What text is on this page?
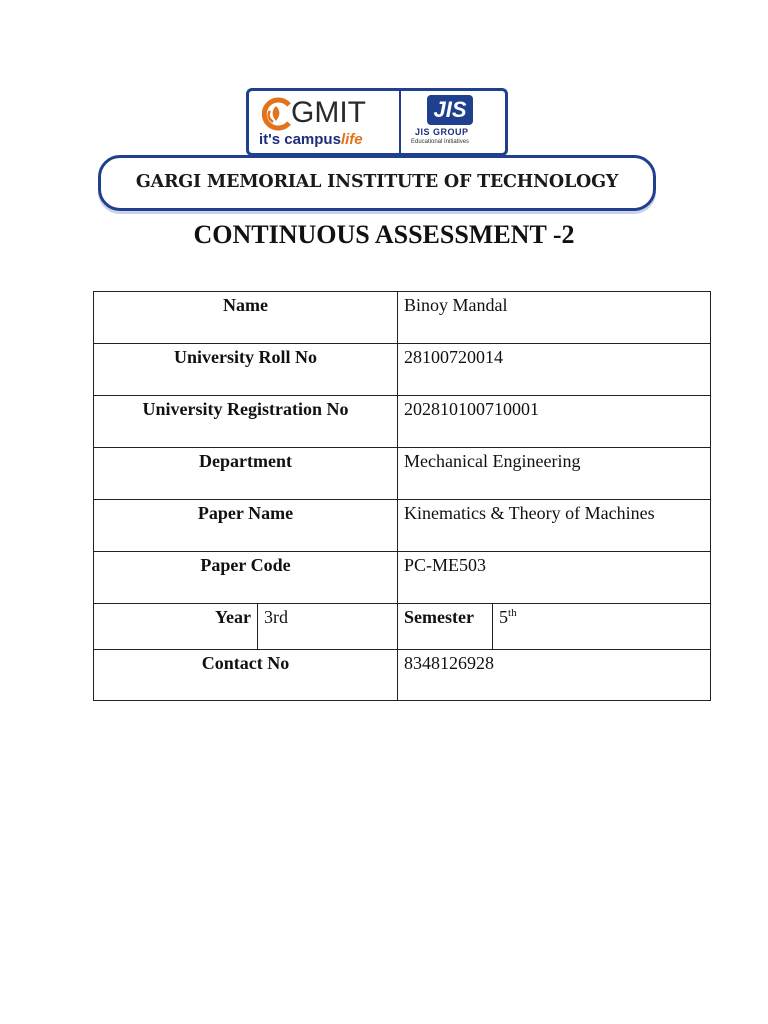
GMIT
it's campuslife
JIS
JIS GROUP
Educational Initiatives
GARGI MEMORIAL INSTITUTE OF TECHNOLOGY
CONTINUOUS ASSESSMENT -2
Name		Binoy Mandal	
University Roll No		28100720014	
University Registration No		202810100710001	
Department		Mechanical Engineering	
Paper Name		Kinematics & Theory of Machines	
Paper Code		PC-ME503	
Year	3rd	Semester	5th
Contact No		8348126928	
